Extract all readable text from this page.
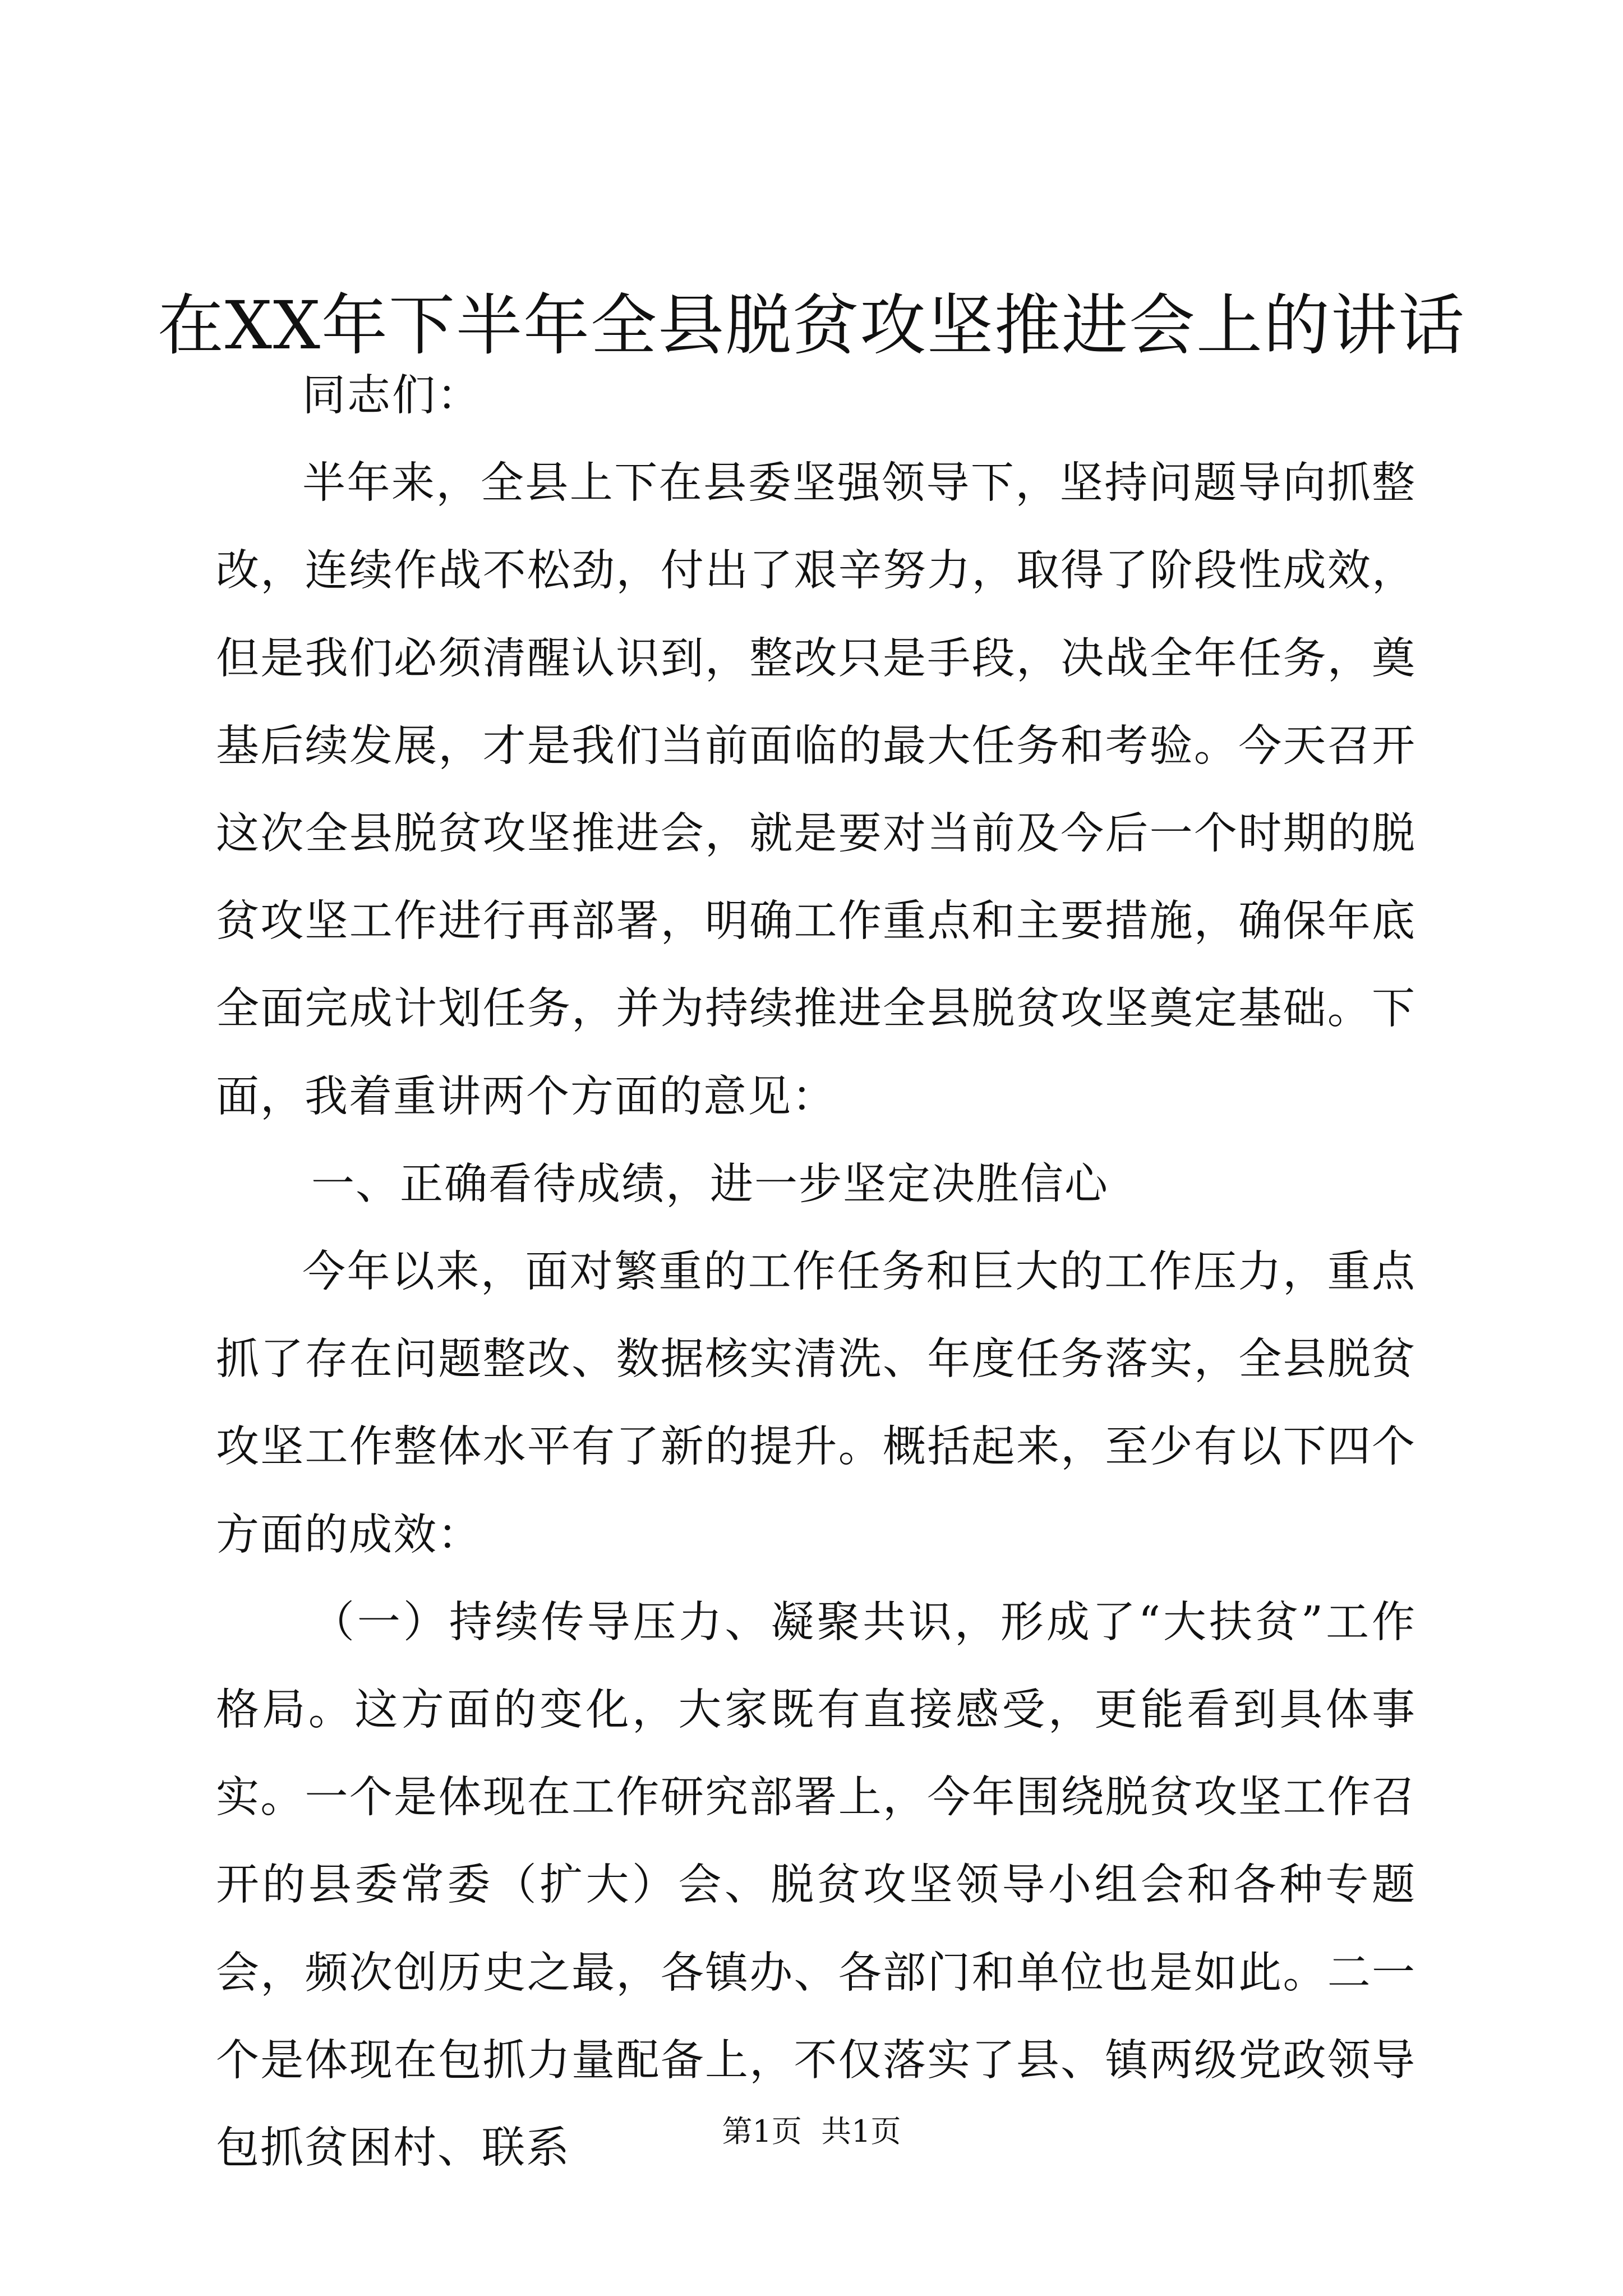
在XX年下半年全县脱贫攻坚推进会上的讲话

同志们：

半年来，全县上下在县委坚强领导下，坚持问题导向抓整改，连续作战不松劲，付出了艰辛努力，取得了阶段性成效，但是我们必须清醒认识到，整改只是手段，决战全年任务，奠基后续发展，才是我们当前面临的最大任务和考验。今天召开这次全县脱贫攻坚推进会，就是要对当前及今后一个时期的脱贫攻坚工作进行再部署，明确工作重点和主要措施，确保年底全面完成计划任务，并为持续推进全县脱贫攻坚奠定基础。下面，我着重讲两个方面的意见：

一、正确看待成绩，进一步坚定决胜信心

今年以来，面对繁重的工作任务和巨大的工作压力，重点抓了存在问题整改、数据核实清洗、年度任务落实，全县脱贫攻坚工作整体水平有了新的提升。概括起来，至少有以下四个方面的成效：

（一）持续传导压力、凝聚共识，形成了“大扶贫”工作格局。这方面的变化，大家既有直接感受，更能看到具体事实。一个是体现在工作研究部署上，今年围绕脱贫攻坚工作召开的县委常委（扩大）会、脱贫攻坚领导小组会和各种专题会，频次创历史之最，各镇办、各部门和单位也是如此。二一个是体现在包抓力量配备上，不仅落实了县、镇两级党政领导包抓贫困村、联系	第1页  共1页
